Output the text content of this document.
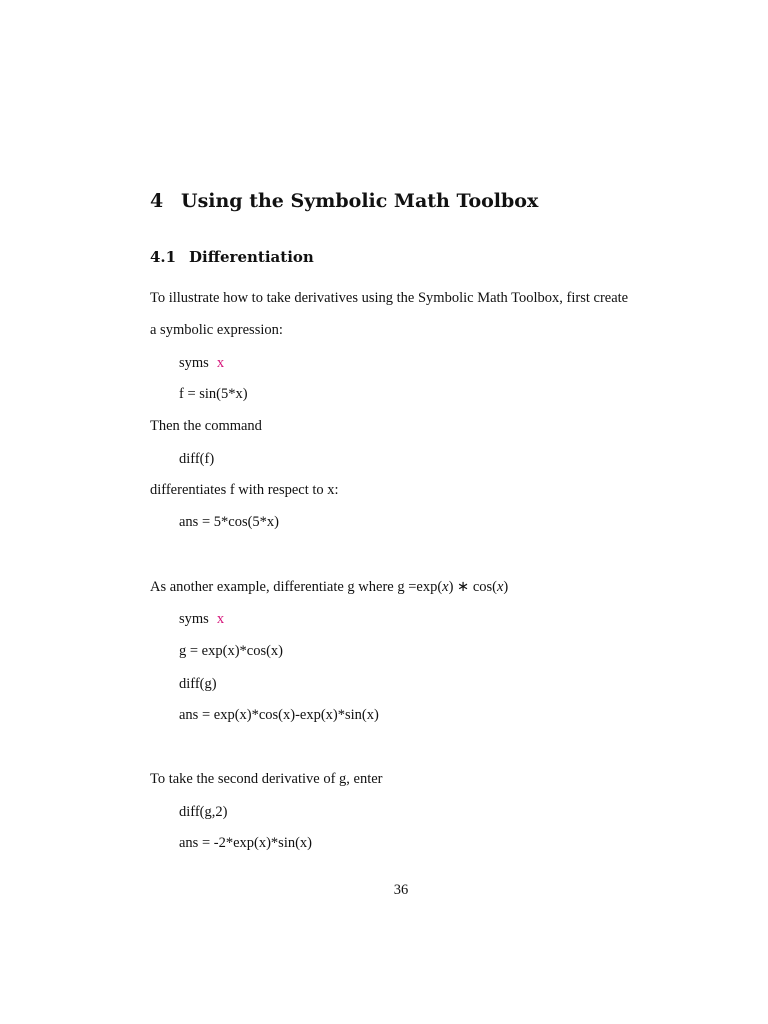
4 Using the Symbolic Math Toolbox
4.1 Differentiation
To illustrate how to take derivatives using the Symbolic Math Toolbox, first create
a symbolic expression:
syms x
f = sin(5*x)
Then the command
diff(f)
differentiates f with respect to x:
ans = 5*cos(5*x)
As another example, differentiate g where g =exp(x) ∗ cos(x)
syms x
g = exp(x)*cos(x)
diff(g)
ans = exp(x)*cos(x)-exp(x)*sin(x)
To take the second derivative of g, enter
diff(g,2)
ans = -2*exp(x)*sin(x)
36
